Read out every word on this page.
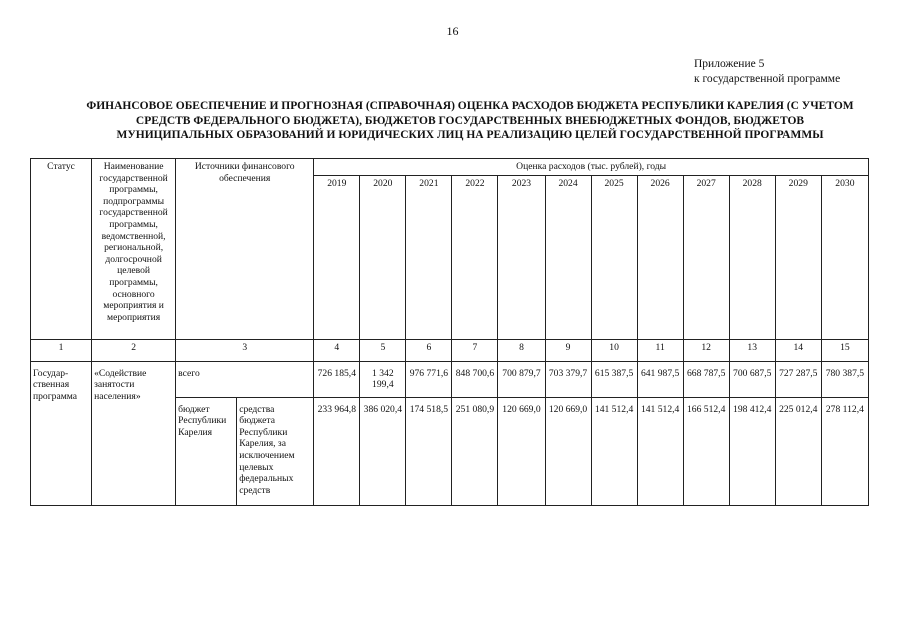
16
Приложение 5
к государственной программе
ФИНАНСОВОЕ ОБЕСПЕЧЕНИЕ И ПРОГНОЗНАЯ (СПРАВОЧНАЯ) ОЦЕНКА РАСХОДОВ БЮДЖЕТА РЕСПУБЛИКИ КАРЕЛИЯ (С УЧЕТОМ СРЕДСТВ ФЕДЕРАЛЬНОГО БЮДЖЕТА), БЮДЖЕТОВ ГОСУДАРСТВЕННЫХ ВНЕБЮДЖЕТНЫХ ФОНДОВ, БЮДЖЕТОВ МУНИЦИПАЛЬНЫХ ОБРАЗОВАНИЙ И ЮРИДИЧЕСКИХ ЛИЦ НА РЕАЛИЗАЦИЮ ЦЕЛЕЙ ГОСУДАРСТВЕННОЙ ПРОГРАММЫ
Статус	Наименование государственной программы, подпрограммы государственной программы, ведомственной, региональной, долгосрочной целевой программы, основного мероприятия и мероприятия	Источники финансового обеспечения		Оценка расходов (тыс. рублей), годы											
				2019	2020	2021	2022	2023	2024	2025	2026	2027	2028	2029	2030
1	2	3		4	5	6	7	8	9	10	11	12	13	14	15
Государ-ственная программа	«Содействие занятости населения»	всего		726 185,4	1 342 199,4	976 771,6	848 700,6	700 879,7	703 379,7	615 387,5	641 987,5	668 787,5	700 687,5	727 287,5	780 387,5
		бюджет Республики Карелия	средства бюджета Республики Карелия, за исключением целевых федеральных средств	233 964,8	386 020,4	174 518,5	251 080,9	120 669,0	120 669,0	141 512,4	141 512,4	166 512,4	198 412,4	225 012,4	278 112,4
